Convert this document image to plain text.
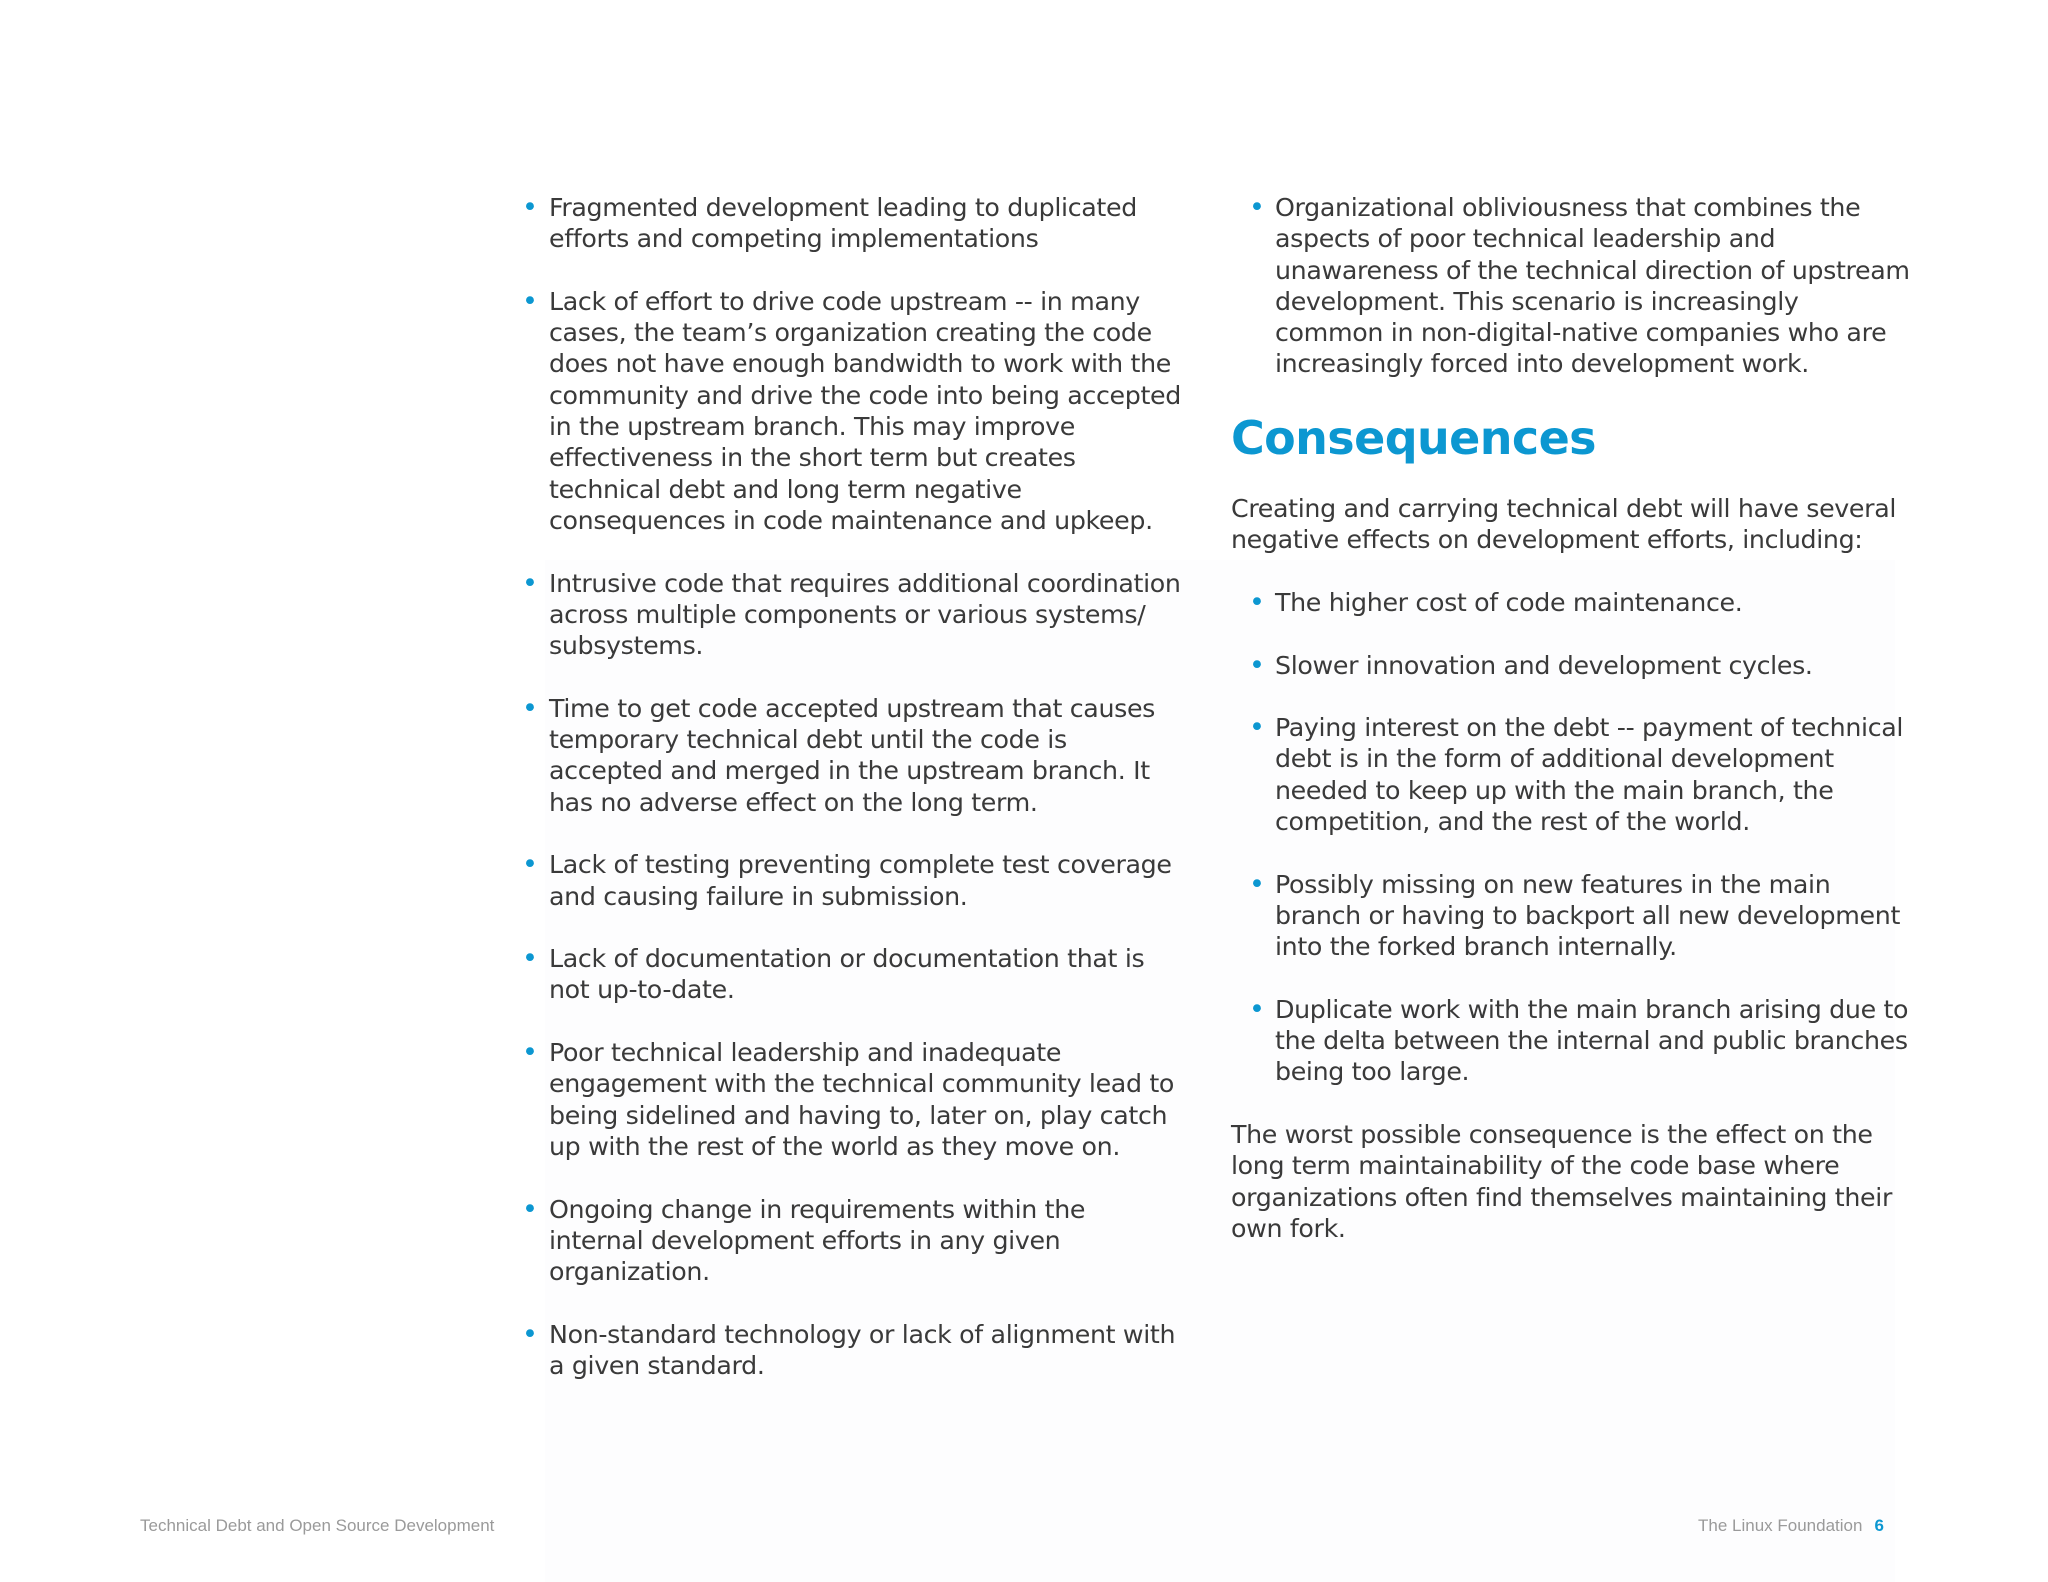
• Fragmented development leading to duplicated efforts and competing implementations
• Lack of effort to drive code upstream -- in many cases, the team’s organization creating the code does not have enough bandwidth to work with the community and drive the code into being accepted in the upstream branch. This may improve effectiveness in the short term but creates technical debt and long term negative consequences in code maintenance and upkeep.
• Intrusive code that requires additional coordination across multiple components or various systems/ subsystems.
• Time to get code accepted upstream that causes temporary technical debt until the code is accepted and merged in the upstream branch. It has no adverse effect on the long term.
• Lack of testing preventing complete test coverage and causing failure in submission.
• Lack of documentation or documentation that is not up-to-date.
• Poor technical leadership and inadequate engagement with the technical community lead to being sidelined and having to, later on, play catch up with the rest of the world as they move on.
• Ongoing change in requirements within the internal development efforts in any given organization.
• Non-standard technology or lack of alignment with a given standard.
• Organizational obliviousness that combines the aspects of poor technical leadership and unawareness of the technical direction of upstream development. This scenario is increasingly common in non-digital-native companies who are increasingly forced into development work.
Consequences

Creating and carrying technical debt will have several negative effects on development efforts, including:

• The higher cost of code maintenance.
• Slower innovation and development cycles.
• Paying interest on the debt -- payment of technical debt is in the form of additional development needed to keep up with the main branch, the competition, and the rest of the world.
• Possibly missing on new features in the main branch or having to backport all new development into the forked branch internally.
• Duplicate work with the main branch arising due to the delta between the internal and public branches being too large.

The worst possible consequence is the effect on the long term maintainability of the code base where organizations often find themselves maintaining their own fork.

Technical Debt and Open Source Development	The Linux Foundation 6
